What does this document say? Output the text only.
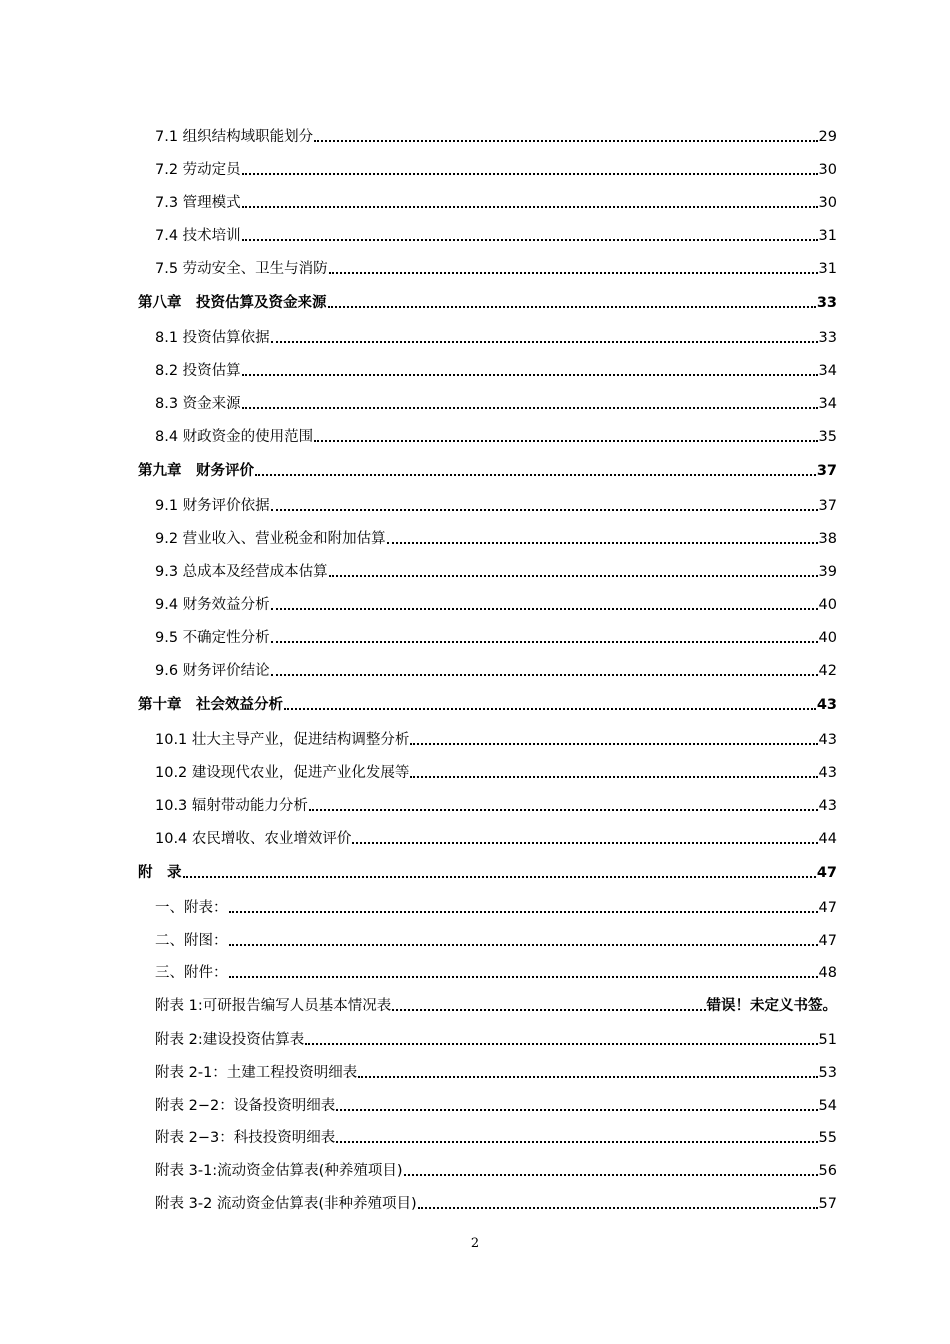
7.1 组织结构域职能划分	29
7.2 劳动定员	30
7.3 管理模式	30
7.4 技术培训	31
7.5 劳动安全、卫生与消防	31
第八章　投资估算及资金来源	33
8.1 投资估算依据	33
8.2 投资估算	34
8.3 资金来源	34
8.4 财政资金的使用范围	35
第九章　财务评价	37
9.1 财务评价依据	37
9.2 营业收入、营业税金和附加估算	38
9.3 总成本及经营成本估算	39
9.4 财务效益分析	40
9.5 不确定性分析	40
9.6 财务评价结论	42
第十章　社会效益分析	43
10.1 壮大主导产业，促进结构调整分析	43
10.2 建设现代农业，促进产业化发展等	43
10.3 辐射带动能力分析	43
10.4 农民增收、农业增效评价	44
附　录	47
一、附表：	47
二、附图：	47
三、附件：	48
附表 1:可研报告编写人员基本情况表	错误！未定义书签。
附表 2:建设投资估算表	51
附表 2-1：土建工程投资明细表	53
附表 2−2：设备投资明细表	54
附表 2−3：科技投资明细表	55
附表 3-1:流动资金估算表(种养殖项目)	56
附表 3-2 流动资金估算表(非种养殖项目)	57
2
